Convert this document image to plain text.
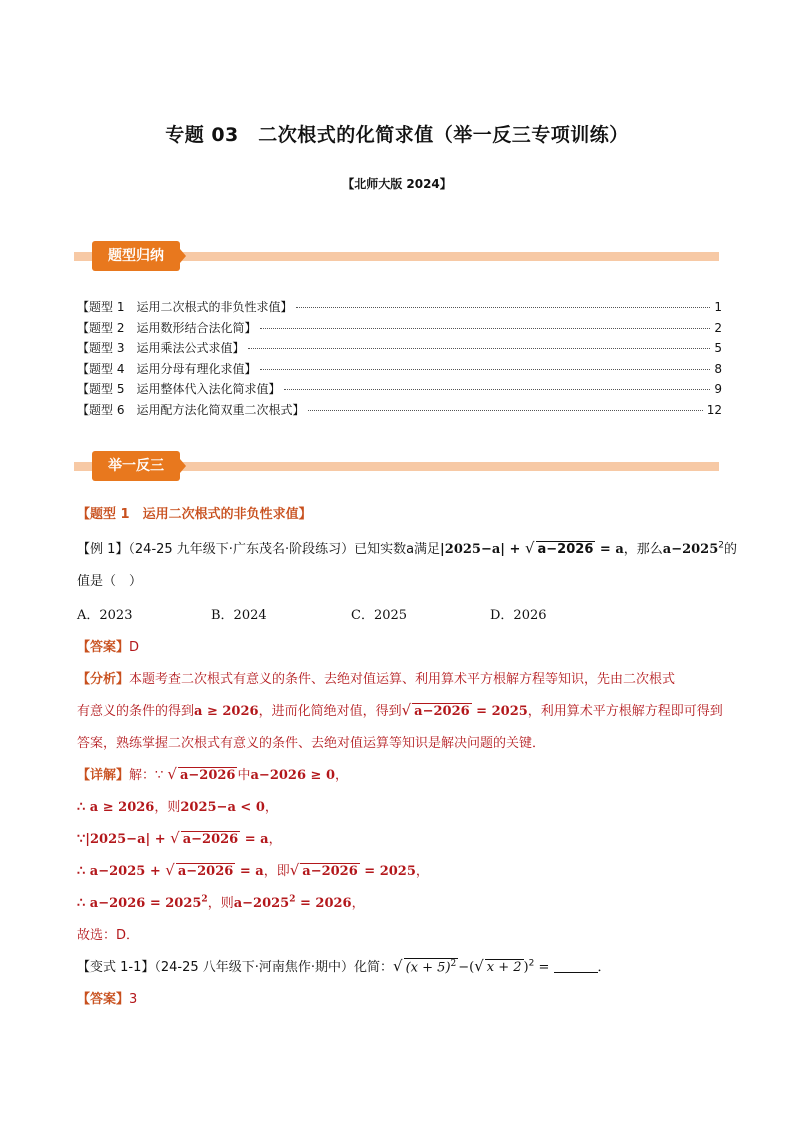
专题 03　二次根式的化简求值（举一反三专项训练）
【北师大版 2024】
题型归纳
【题型 1　运用二次根式的非负性求值】	1
【题型 2　运用数形结合法化简】	2
【题型 3　运用乘法公式求值】	5
【题型 4　运用分母有理化求值】	8
【题型 5　运用整体代入法化简求值】	9
【题型 6　运用配方法化简双重二次根式】	12
举一反三
【题型 1　运用二次根式的非负性求值】
【例 1】（24-25 九年级下·广东茂名·阶段练习）已知实数a满足|2025−a| + √ a−2026 = a，那么$a-2025^2$的
值是（　）
A．2023	B．2024	C．2025	D．2026
【答案】D
【分析】本题考查二次根式有意义的条件、去绝对值运算、利用算术平方根解方程等知识，先由二次根式
有意义的条件的得到a ≥ 2026，进而化简绝对值，得到√ a−2026 = 2025，利用算术平方根解方程即可得到
答案，熟练掌握二次根式有意义的条件、去绝对值运算等知识是解决问题的关键．
【详解】解：∵ √ a−2026 中a−2026 ≥ 0，
∴ a ≥ 2026，则2025−a < 0，
∵|2025−a| + √ a−2026 = a，
∴ a−2025 + √ a−2026 = a，即√ a−2026 = 2025，
∴ $a-2026 = 2025^2$，则$a-2025^2 = 2026$，
故选：D．
【变式 1-1】（24-25 八年级下·河南焦作·期中）化简：√ $(x + 5)^2$ −(√ x + 2 )$^2$ =	．
【答案】3
